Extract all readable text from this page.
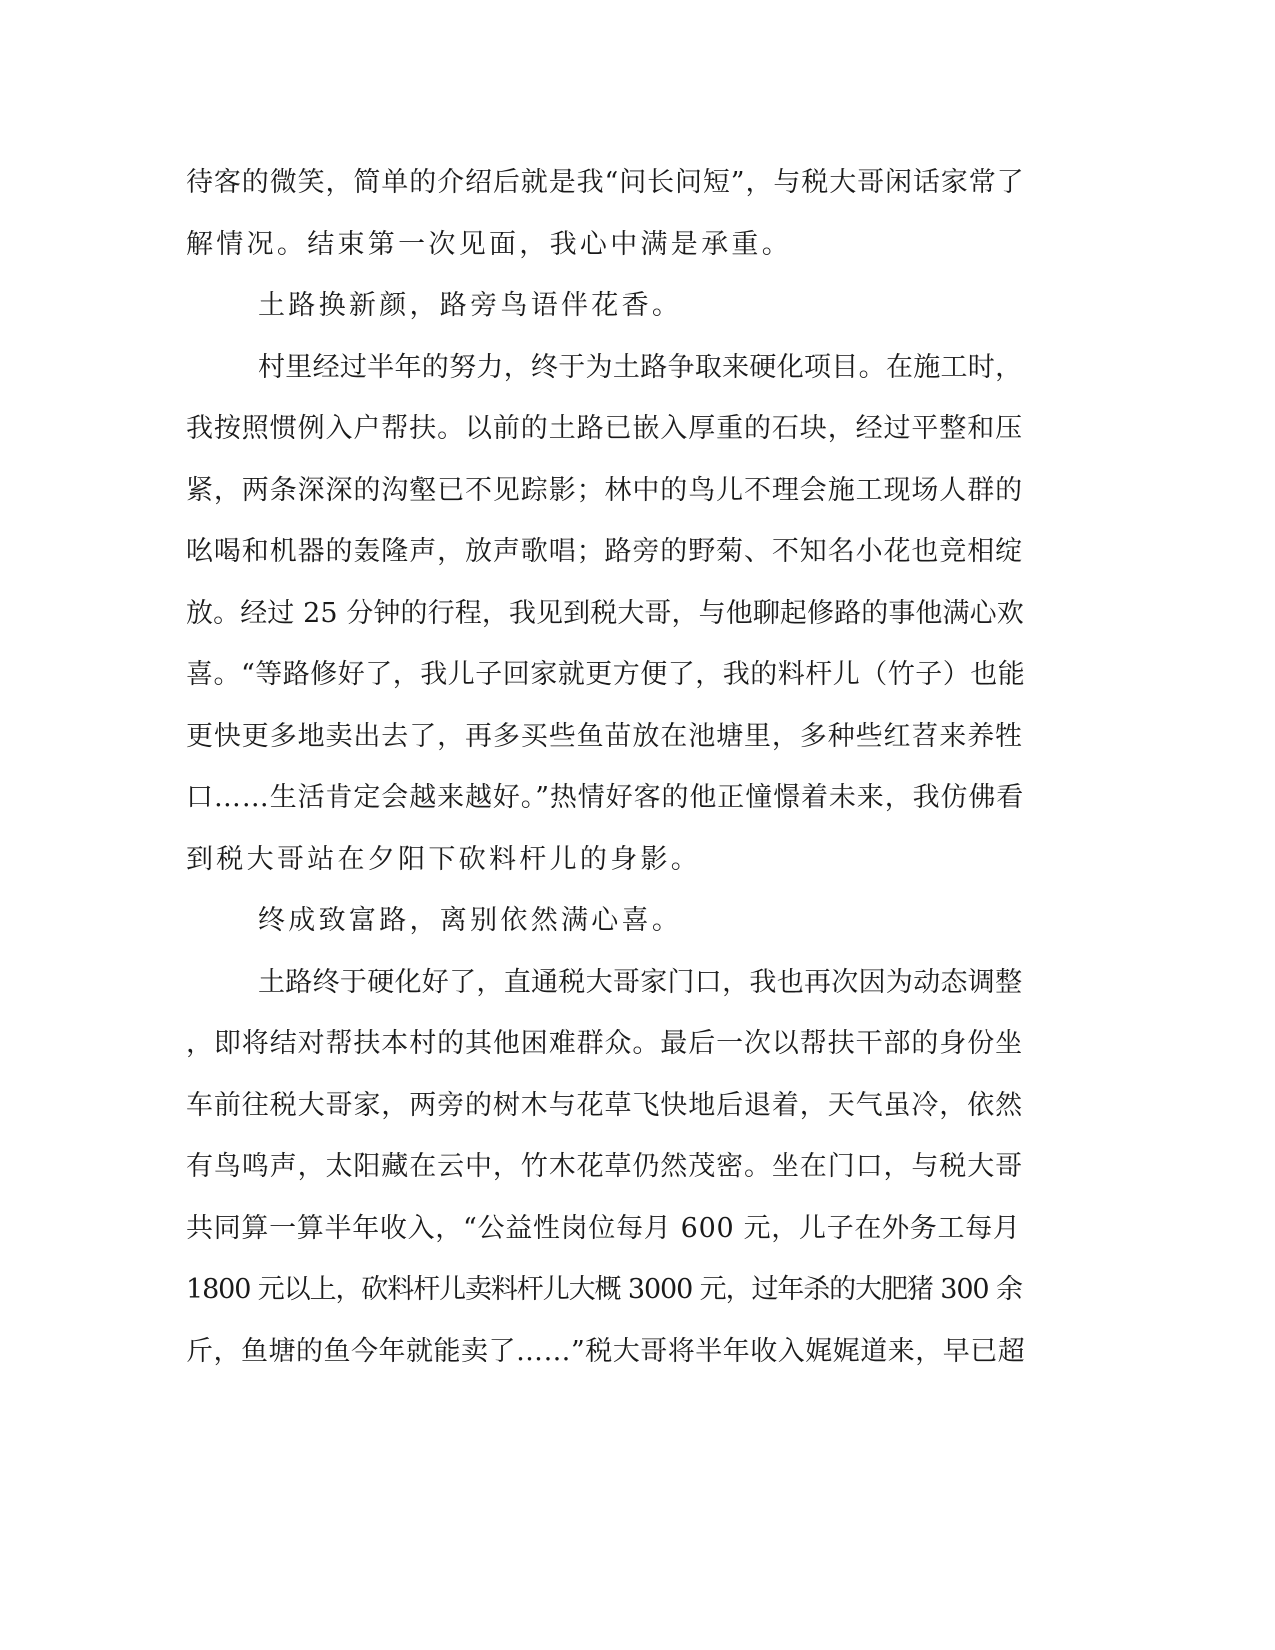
待客的微笑，简单的介绍后就是我“问长问短”，与税大哥闲话家常了
解情况。结束第一次见面，我心中满是承重。
土路换新颜，路旁鸟语伴花香。
村里经过半年的努力，终于为土路争取来硬化项目。在施工时，
我按照惯例入户帮扶。以前的土路已嵌入厚重的石块，经过平整和压
紧，两条深深的沟壑已不见踪影；林中的鸟儿不理会施工现场人群的
吆喝和机器的轰隆声，放声歌唱；路旁的野菊、不知名小花也竞相绽
放。经过 25 分钟的行程，我见到税大哥，与他聊起修路的事他满心欢
喜。“等路修好了，我儿子回家就更方便了，我的料杆儿（竹子）也能
更快更多地卖出去了，再多买些鱼苗放在池塘里，多种些红苕来养牲
口……生活肯定会越来越好。”热情好客的他正憧憬着未来，我仿佛看
到税大哥站在夕阳下砍料杆儿的身影。
终成致富路，离别依然满心喜。
土路终于硬化好了，直通税大哥家门口，我也再次因为动态调整
，即将结对帮扶本村的其他困难群众。最后一次以帮扶干部的身份坐
车前往税大哥家，两旁的树木与花草飞快地后退着，天气虽冷，依然
有鸟鸣声，太阳藏在云中，竹木花草仍然茂密。坐在门口，与税大哥
共同算一算半年收入，“公益性岗位每月 600 元，儿子在外务工每月
1800 元以上，砍料杆儿卖料杆儿大概 3000 元，过年杀的大肥猪 300 余
斤，鱼塘的鱼今年就能卖了……”税大哥将半年收入娓娓道来，早已超
